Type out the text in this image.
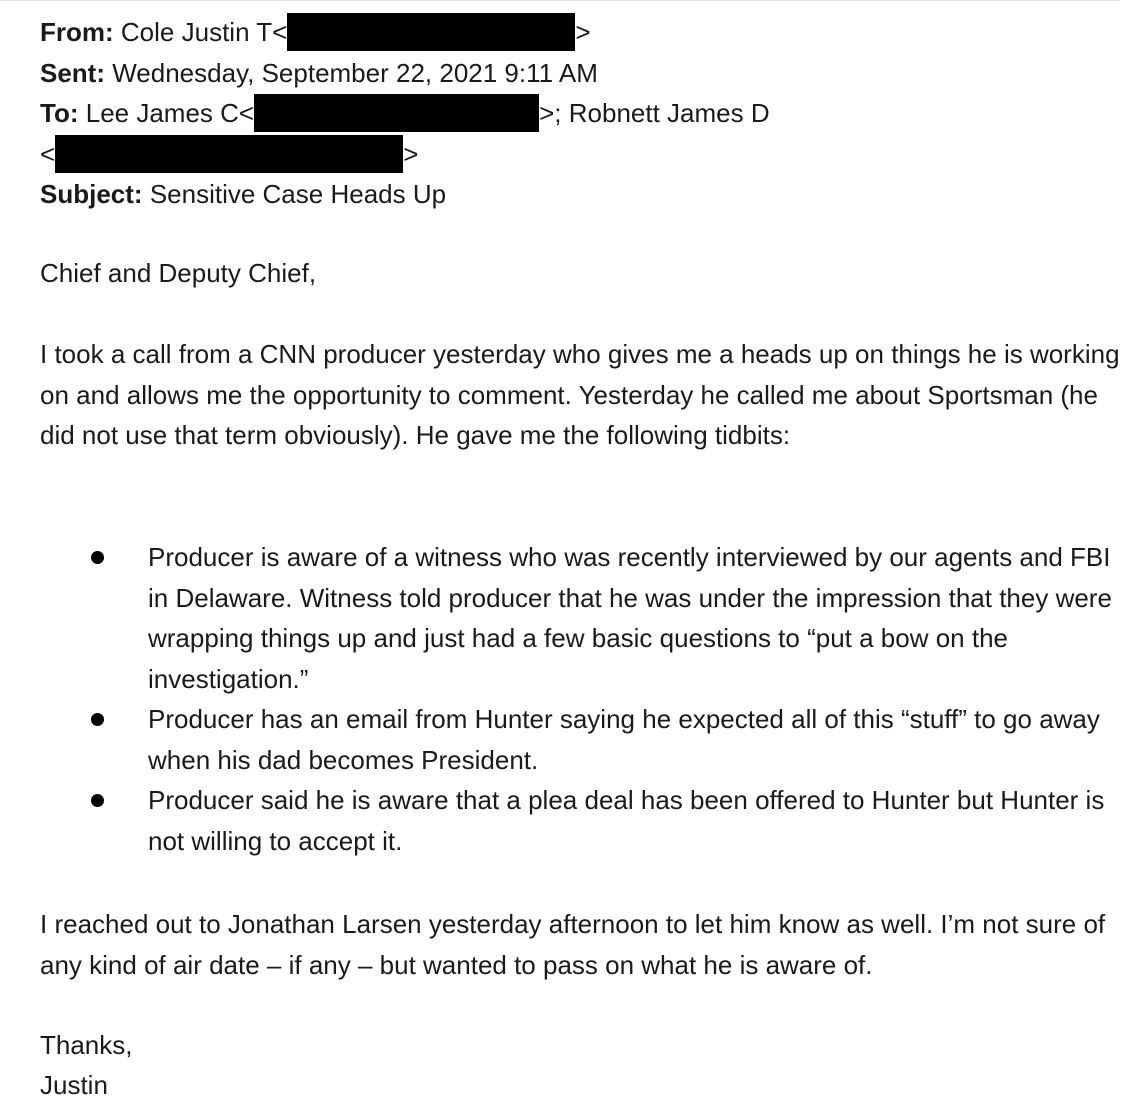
From: Cole Justin T<	>
Sent: Wednesday, September 22, 2021 9:11 AM
To: Lee James C<	>; Robnett James D
<	>
Subject: Sensitive Case Heads Up

Chief and Deputy Chief,

I took a call from a CNN producer yesterday who gives me a heads up on things he is working on and allows me the opportunity to comment. Yesterday he called me about Sportsman (he did not use that term obviously). He gave me the following tidbits:

Producer is aware of a witness who was recently interviewed by our agents and FBI in Delaware. Witness told producer that he was under the impression that they were wrapping things up and just had a few basic questions to “put a bow on the investigation.”
Producer has an email from Hunter saying he expected all of this “stuff” to go away when his dad becomes President.
Producer said he is aware that a plea deal has been offered to Hunter but Hunter is not willing to accept it.

I reached out to Jonathan Larsen yesterday afternoon to let him know as well. I’m not sure of any kind of air date – if any – but wanted to pass on what he is aware of.

Thanks,

Justin
